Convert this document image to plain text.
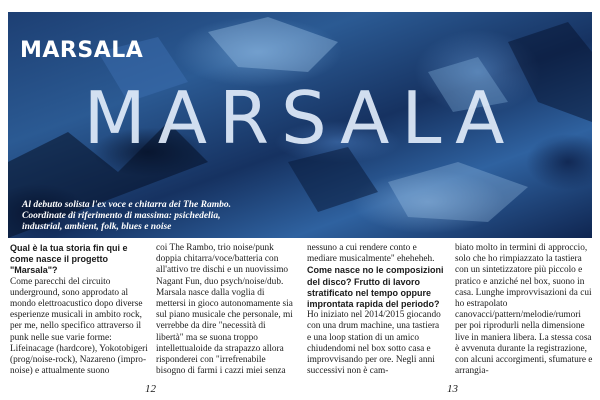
MARSALA
MARSALA
Al debutto solista l'ex voce e chitarra dei The Rambo. Coordinate di riferimento di massima: psichedelia, industrial, ambient, folk, blues e noise

Qual è la tua storia fin qui e come nasce il progetto "Marsala"?

Come parecchi del circuito underground, sono approdato al mondo elettroacustico dopo diverse esperienze musicali in ambito rock, per me, nello specifico attraverso il punk nelle sue varie forme: Lifeinacage (hardcore), Yokotobigeri (prog/noise-rock), Nazareno (impro-noise) e attualmente suono

coi The Rambo, trio noise/punk doppia chitarra/voce/batteria con all'attivo tre dischi e un nuovissimo Nagant Fun, duo psych/noise/dub. Marsala nasce dalla voglia di mettersi in gioco autonomamente sia sul piano musicale che personale, mi verrebbe da dire "necessità di libertà" ma se suona troppo intellettualoide da strapazzo allora risponderei con "irrefrenabile bisogno di farmi i cazzi miei senza

nessuno a cui rendere conto e mediare musicalmente" eheheheh.

Come nasce no le composizioni del disco? Frutto di lavoro stratificato nel tempo oppure improntata rapida del periodo?

Ho iniziato nel 2014/2015 giocando con una drum machine, una tastiera e una loop station di un amico chiudendomi nel box sotto casa e improvvisando per ore. Negli anni successivi non è cam-

biato molto in termini di approccio, solo che ho rimpiazzato la tastiera con un sintetizzatore più piccolo e pratico e anziché nel box, suono in casa. Lunghe improvvisazioni da cui ho estrapolato canovacci/pattern/melodie/rumori per poi riprodurli nella dimensione live in maniera libera. La stessa cosa è avvenuta durante la registrazione, con alcuni accorgimenti, sfumature e arrangia-

12	13
